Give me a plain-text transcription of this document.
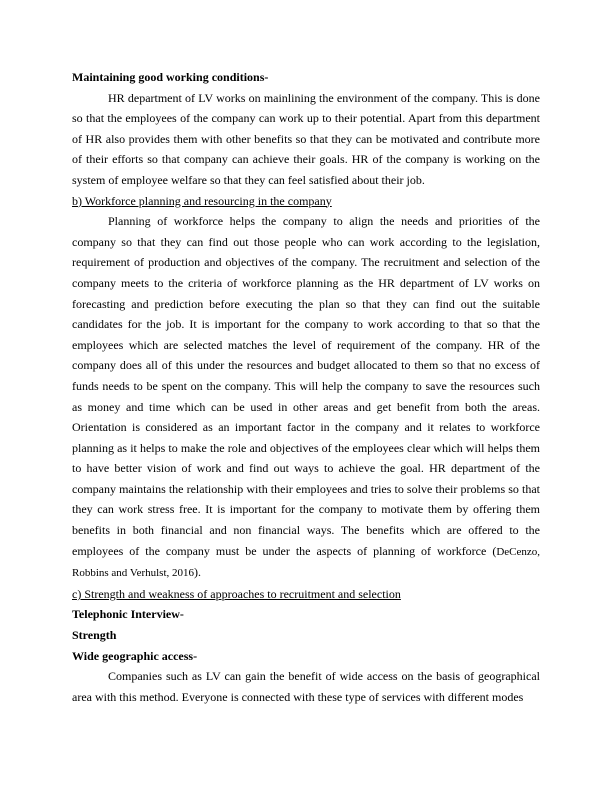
Maintaining good working conditions-

HR department of LV works on mainlining the environment of the company. This is done so that the employees of the company can work up to their potential. Apart from this department of HR also provides them with other benefits so that they can be motivated and contribute more of their efforts so that company can achieve their goals. HR of the company is working on the system of employee welfare so that they can feel satisfied about their job.

b) Workforce planning and resourcing in the company

Planning of workforce helps the company to align the needs and priorities of the company so that they can find out those people who can work according to the legislation, requirement of production and objectives of the company. The recruitment and selection of the company meets to the criteria of workforce planning as the HR department of LV works on forecasting and prediction before executing the plan so that they can find out the suitable candidates for the job. It is important for the company to work according to that so that the employees which are selected matches the level of requirement of the company. HR of the company does all of this under the resources and budget allocated to them so that no excess of funds needs to be spent on the company. This will help the company to save the resources such as money and time which can be used in other areas and get benefit from both the areas. Orientation is considered as an important factor in the company and it relates to workforce planning as it helps to make the role and objectives of the employees clear which will helps them to have better vision of work and find out ways to achieve the goal. HR department of the company maintains the relationship with their employees and tries to solve their problems so that they can work stress free. It is important for the company to motivate them by offering them benefits in both financial and non financial ways. The benefits which are offered to the employees of the company must be under the aspects of planning of workforce (DeCenzo, Robbins and Verhulst, 2016).

c) Strength and weakness of approaches to recruitment and selection

Telephonic Interview-

Strength

Wide geographic access-

Companies such as LV can gain the benefit of wide access on the basis of geographical area with this method. Everyone is connected with these type of services with different modes
